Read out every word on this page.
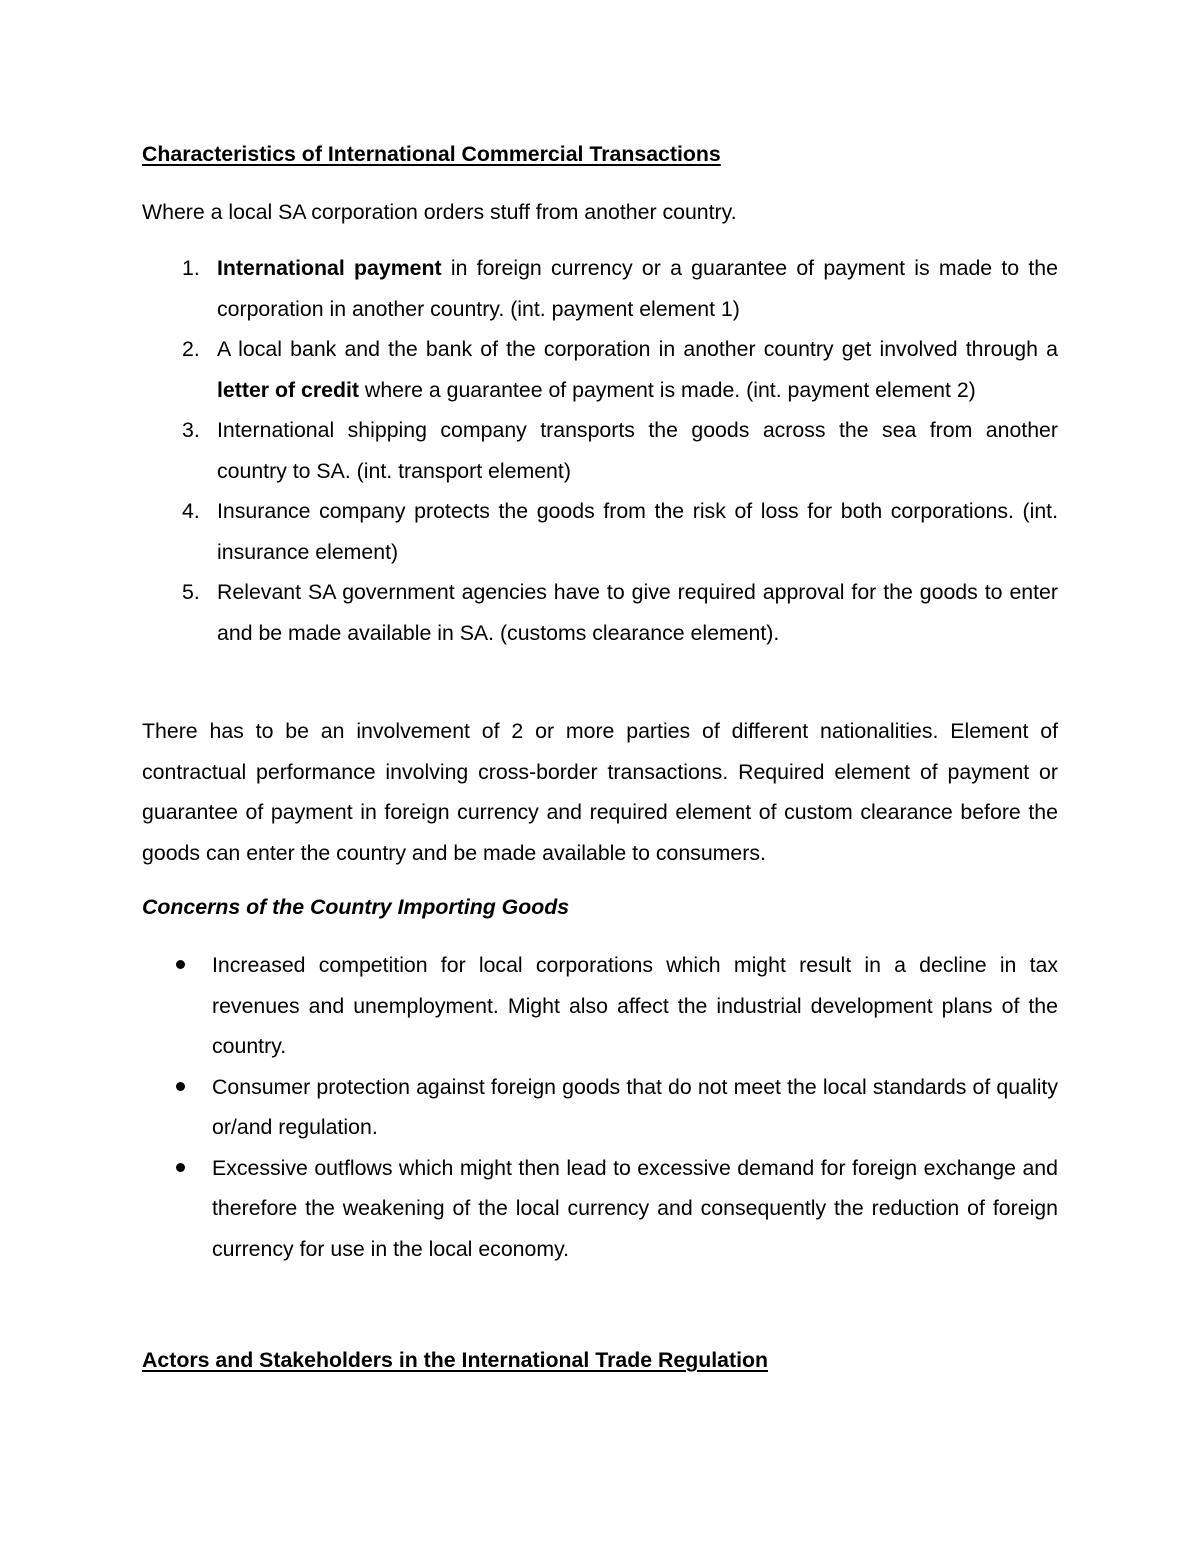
Characteristics of International Commercial Transactions
Where a local SA corporation orders stuff from another country.
1. International payment in foreign currency or a guarantee of payment is made to the corporation in another country. (int. payment element 1)
2. A local bank and the bank of the corporation in another country get involved through a letter of credit where a guarantee of payment is made. (int. payment element 2)
3. International shipping company transports the goods across the sea from another country to SA. (int. transport element)
4. Insurance company protects the goods from the risk of loss for both corporations. (int. insurance element)
5. Relevant SA government agencies have to give required approval for the goods to enter and be made available in SA. (customs clearance element).

There has to be an involvement of 2 or more parties of different nationalities. Element of contractual performance involving cross-border transactions. Required element of payment or guarantee of payment in foreign currency and required element of custom clearance before the goods can enter the country and be made available to consumers.

Concerns of the Country Importing Goods
Increased competition for local corporations which might result in a decline in tax revenues and unemployment. Might also affect the industrial development plans of the country.
Consumer protection against foreign goods that do not meet the local standards of quality or/and regulation.
Excessive outflows which might then lead to excessive demand for foreign exchange and therefore the weakening of the local currency and consequently the reduction of foreign currency for use in the local economy.
Actors and Stakeholders in the International Trade Regulation
